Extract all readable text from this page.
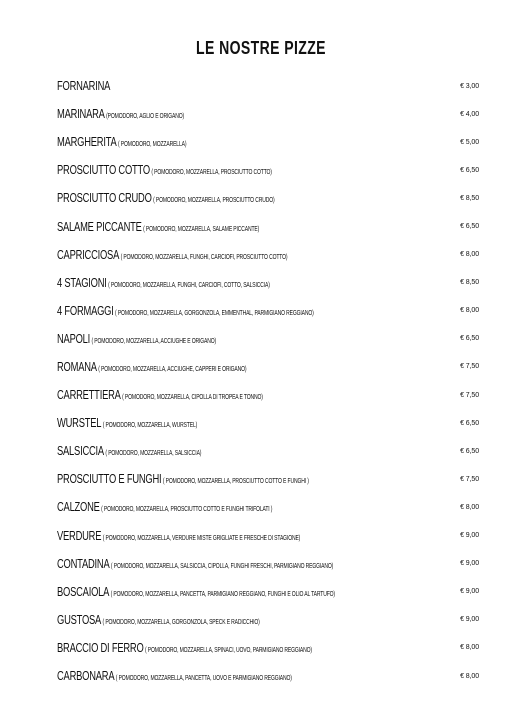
LE NOSTRE PIZZE
FORNARINA	€ 3,00
MARINARA(POMODORO, AGLIO E ORIGANO)	€ 4,00
MARGHERITA( POMODORO, MOZZARELLA)	€ 5,00
PROSCIUTTO COTTO( POMODORO, MOZZARELLA, PROSCIUTTO COTTO)	€ 6,50
PROSCIUTTO CRUDO( POMODORO, MOZZARELLA, PROSCIUTTO CRUDO)	€ 8,50
SALAME PICCANTE( POMODORO, MOZZARELLA, SALAME PICCANTE)	€ 6,50
CAPRICCIOSA( POMODORO, MOZZARELLA, FUNGHI, CARCIOFI, PROSCIUTTO COTTO)	€ 8,00
4 STAGIONI( POMODORO, MOZZARELLA, FUNGHI, CARCIOFI, COTTO, SALSICCIA)	€ 8,50
4 FORMAGGI( POMODORO, MOZZARELLA, GORGONZOLA, EMMENTHAL, PARMIGIANO REGGIANO)	€ 8,00
NAPOLI( POMODORO, MOZZARELLA, ACCIUGHE E ORIGANO)	€ 6,50
ROMANA( POMODORO, MOZZARELLA, ACCIUGHE, CAPPERI E ORIGANO)	€ 7,50
CARRETTIERA( POMODORO, MOZZARELLA, CIPOLLA DI TROPEA E TONNO)	€ 7,50
WURSTEL( POMODORO, MOZZARELLA, WURSTEL)	€ 6,50
SALSICCIA( POMODORO, MOZZARELLA, SALSICCIA)	€ 6,50
PROSCIUTTO E FUNGHI( POMODORO, MOZZARELLA, PROSCIUTTO COTTO E FUNGHI )	€ 7,50
CALZONE( POMODORO, MOZZARELLA, PROSCIUTTO COTTO E FUNGHI TRIFOLATI )	€ 8,00
VERDURE( POMODORO, MOZZARELLA, VERDURE MISTE GRIGLIATE E FRESCHE DI STAGIONE)	€ 9,00
CONTADINA( POMODORO, MOZZARELLA, SALSICCIA, CIPOLLA, FUNGHI FRESCHI, PARMIGIANO REGGIANO)	€ 9,00
BOSCAIOLA( POMODORO, MOZZARELLA, PANCETTA, PARMIGIANO REGGIANO, FUNGHI E OLIO AL TARTUFO)	€ 9,00
GUSTOSA( POMODORO, MOZZARELLA, GORGONZOLA, SPECK E RADICCHIO)	€ 9,00
BRACCIO DI FERRO( POMODORO, MOZZARELLA, SPINACI, UOVO, PARMIGIANO REGGIANO)	€ 8,00
CARBONARA( POMODORO, MOZZARELLA, PANCETTA, UOVO E PARMIGIANO REGGIANO)	€ 8,00
